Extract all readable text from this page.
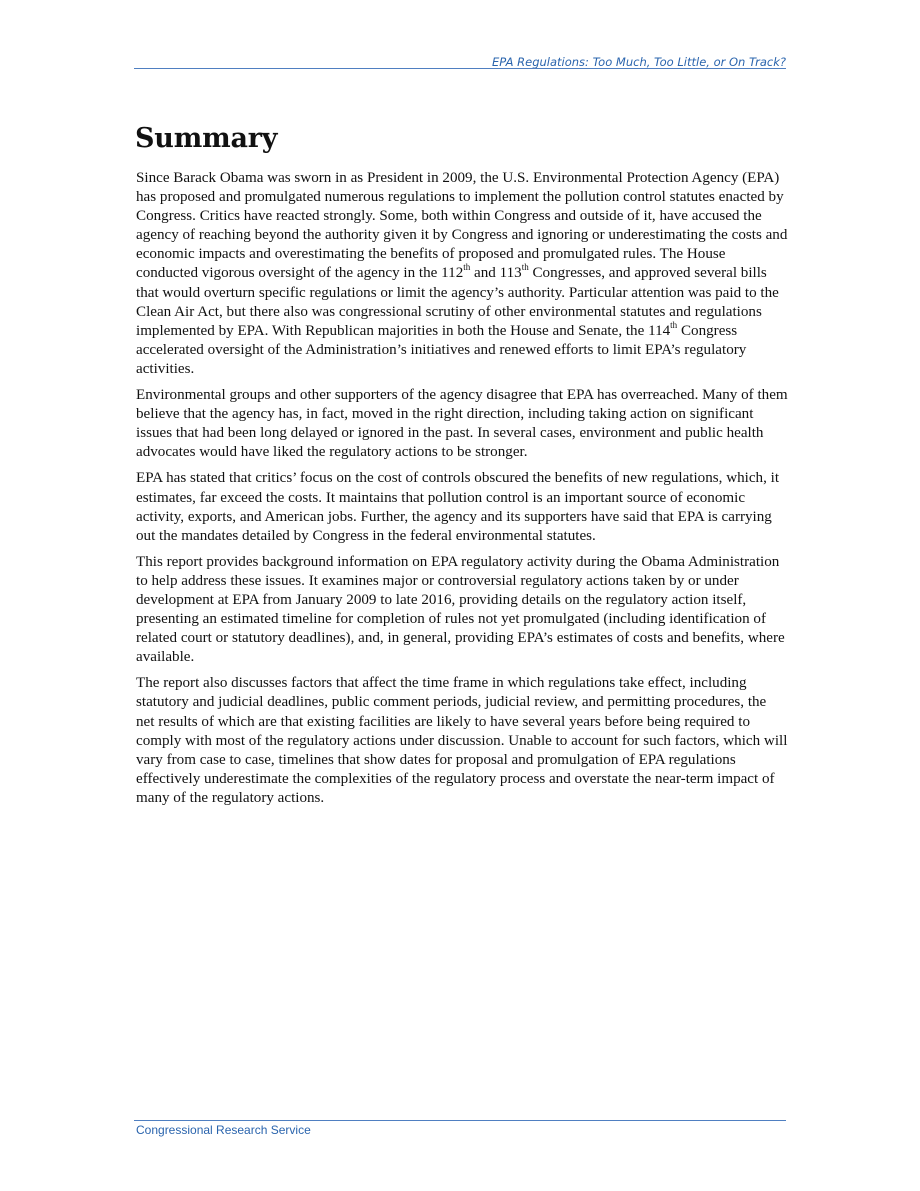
EPA Regulations: Too Much, Too Little, or On Track?
Summary

Since Barack Obama was sworn in as President in 2009, the U.S. Environmental Protection Agency (EPA) has proposed and promulgated numerous regulations to implement the pollution control statutes enacted by Congress. Critics have reacted strongly. Some, both within Congress and outside of it, have accused the agency of reaching beyond the authority given it by Congress and ignoring or underestimating the costs and economic impacts and overestimating the benefits of proposed and promulgated rules. The House conducted vigorous oversight of the agency in the 112th and 113th Congresses, and approved several bills that would overturn specific regulations or limit the agency’s authority. Particular attention was paid to the Clean Air Act, but there also was congressional scrutiny of other environmental statutes and regulations implemented by EPA. With Republican majorities in both the House and Senate, the 114th Congress accelerated oversight of the Administration’s initiatives and renewed efforts to limit EPA’s regulatory activities.

Environmental groups and other supporters of the agency disagree that EPA has overreached. Many of them believe that the agency has, in fact, moved in the right direction, including taking action on significant issues that had been long delayed or ignored in the past. In several cases, environment and public health advocates would have liked the regulatory actions to be stronger.

EPA has stated that critics’ focus on the cost of controls obscured the benefits of new regulations, which, it estimates, far exceed the costs. It maintains that pollution control is an important source of economic activity, exports, and American jobs. Further, the agency and its supporters have said that EPA is carrying out the mandates detailed by Congress in the federal environmental statutes.

This report provides background information on EPA regulatory activity during the Obama Administration to help address these issues. It examines major or controversial regulatory actions taken by or under development at EPA from January 2009 to late 2016, providing details on the regulatory action itself, presenting an estimated timeline for completion of rules not yet promulgated (including identification of related court or statutory deadlines), and, in general, providing EPA’s estimates of costs and benefits, where available.

The report also discusses factors that affect the time frame in which regulations take effect, including statutory and judicial deadlines, public comment periods, judicial review, and permitting procedures, the net results of which are that existing facilities are likely to have several years before being required to comply with most of the regulatory actions under discussion. Unable to account for such factors, which will vary from case to case, timelines that show dates for proposal and promulgation of EPA regulations effectively underestimate the complexities of the regulatory process and overstate the near-term impact of many of the regulatory actions.

Congressional Research Service
